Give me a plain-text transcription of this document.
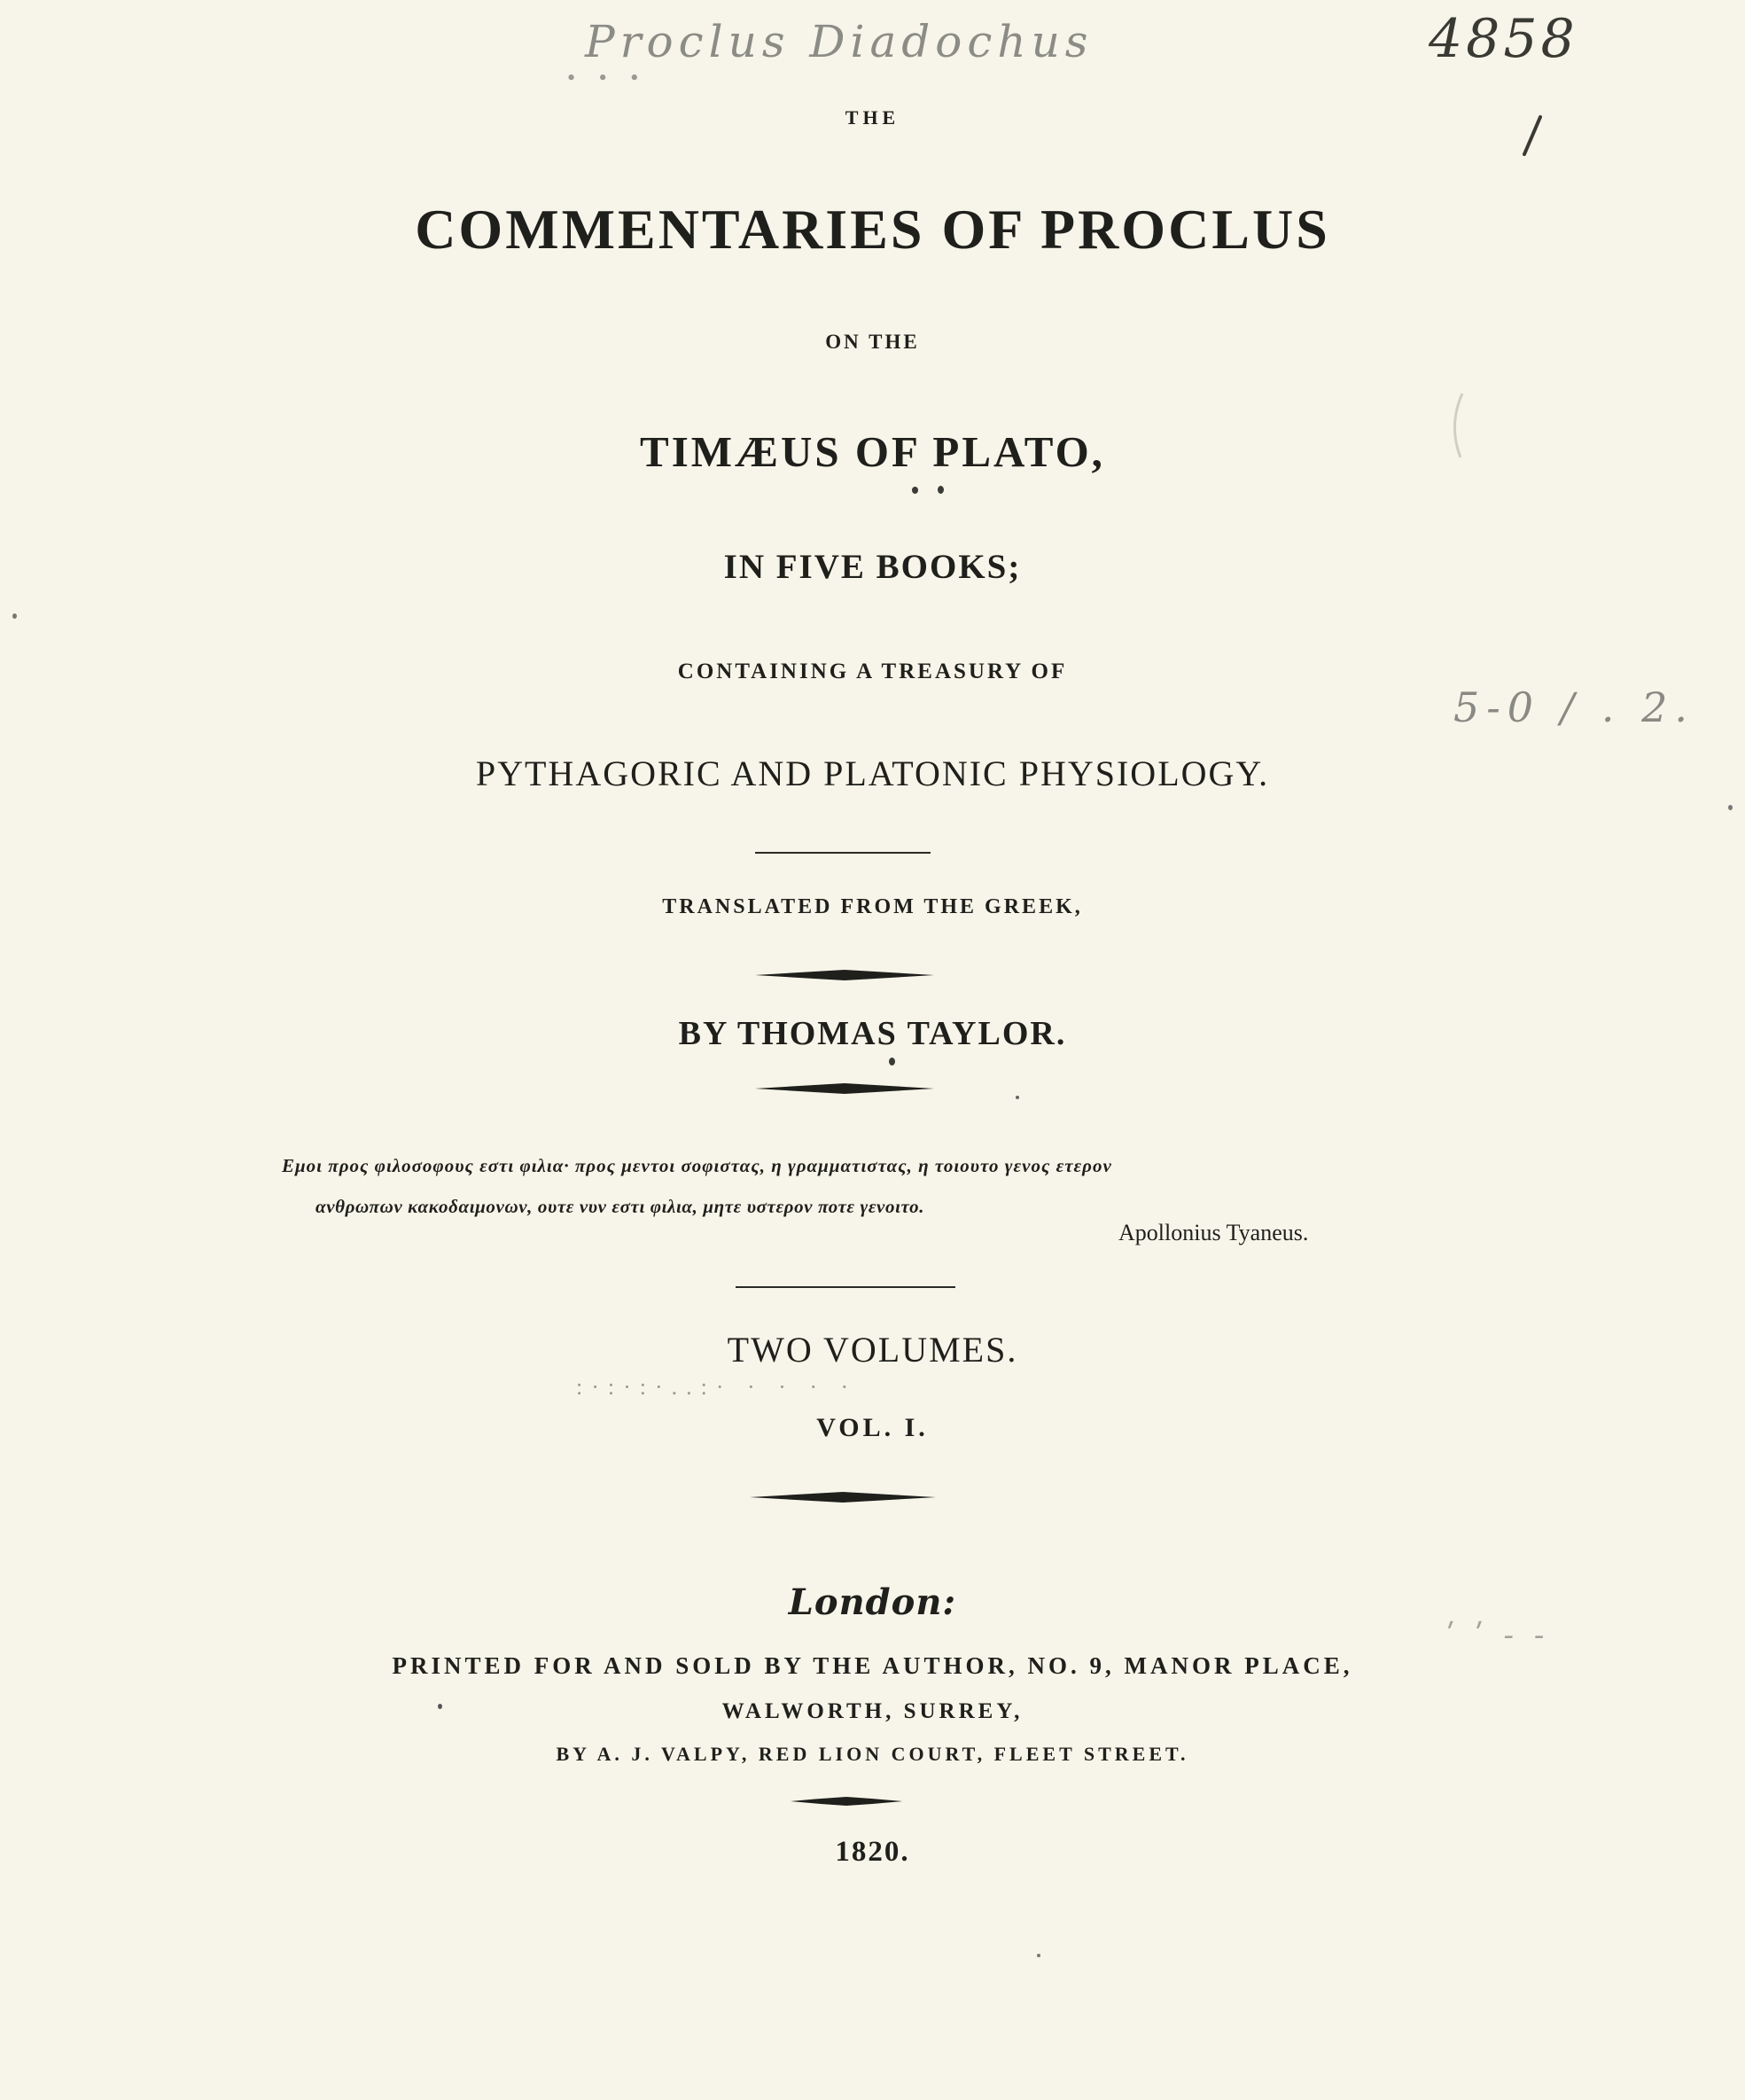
Proclus Diadochus	4858
5-0 / . 2.
ʹ ʹ ‐ ‐
• • •
THE
COMMENTARIES OF PROCLUS
ON THE
TIMÆUS OF PLATO,
IN FIVE BOOKS;
CONTAINING A TREASURY OF
PYTHAGORIC AND PLATONIC PHYSIOLOGY.
TRANSLATED FROM THE GREEK,
BY THOMAS TAYLOR.
Εμοι προς φιλοσοφους εστι φιλια· προς μεντοι σοφιστας, η γραμματιστας, η τοιουτο γενος ετερον
ανθρωπων κακοδαιμονων, ουτε νυν εστι φιλια, μητε υστερον ποτε γενοιτο.
Apollonius Tyaneus.
TWO VOLUMES.
:·:·:·..:· · · · ·
VOL. I.
London:
PRINTED FOR AND SOLD BY THE AUTHOR, NO. 9, MANOR PLACE,
WALWORTH, SURREY,
BY A. J. VALPY, RED LION COURT, FLEET STREET.
1820.
